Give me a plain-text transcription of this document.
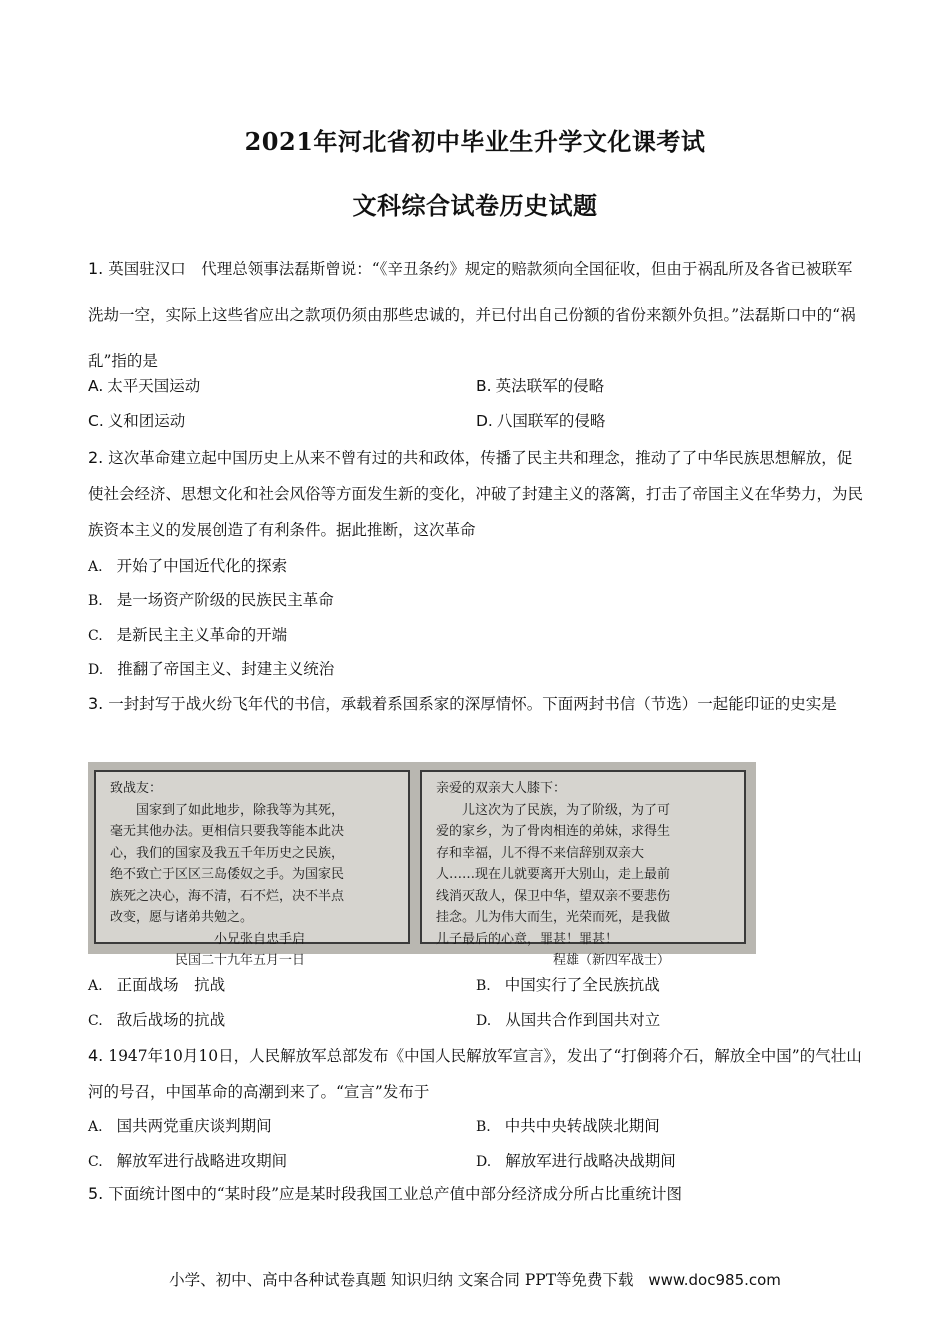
2021年河北省初中毕业生升学文化课考试
文科综合试卷历史试题
1. 英国驻汉口　代理总领事法磊斯曾说：“《辛丑条约》规定的赔款须向全国征收，但由于祸乱所及各省已被联军洗劫一空，实际上这些省应出之款项仍须由那些忠诚的，并已付出自己份额的省份来额外负担。”法磊斯口中的“祸乱”指的是
A. 太平天国运动	B. 英法联军的侵略
C. 义和团运动	D. 八国联军的侵略
2. 这次革命建立起中国历史上从来不曾有过的共和政体，传播了民主共和理念，推动了了中华民族思想解放，促使社会经济、思想文化和社会风俗等方面发生新的变化，冲破了封建主义的落篱，打击了帝国主义在华势力，为民族资本主义的发展创造了有利条件。据此推断，这次革命
A. 开始了中国近代化的探索
B. 是一场资产阶级的民族民主革命
C. 是新民主主义革命的开端
D. 推翻了帝国主义、封建主义统治
3. 一封封写于战火纷飞年代的书信，承载着系国系家的深厚情怀。下面两封书信（节选）一起能印证的史实是
致战友：
　　国家到了如此地步，除我等为其死，
毫无其他办法。更相信只要我等能本此决
心，我们的国家及我五千年历史之民族，
绝不致亡于区区三岛倭奴之手。为国家民
族死之决心，海不清，石不烂，决不半点
改变，愿与诸弟共勉之。
　　　　　　　　小兄张自忠手启
　　　　　民国二十九年五月一日
亲爱的双亲大人膝下：
　　儿这次为了民族，为了阶级，为了可
爱的家乡，为了骨肉相连的弟妹，求得生
存和幸福，儿不得不来信辞别双亲大
人……现在儿就要离开大别山，走上最前
线消灭敌人，保卫中华，望双亲不要悲伤
挂念。儿为伟大而生，光荣而死，是我做
儿子最后的心意，罪甚！罪甚！
　　　　　　　　　程雄（新四军战士）
A. 正面战场　抗战	B. 中国实行了全民族抗战
C. 敌后战场的抗战	D. 从国共合作到国共对立
4. 1947年10月10日，人民解放军总部发布《中国人民解放军宣言》，发出了“打倒蒋介石，解放全中国”的气壮山河的号召，中国革命的高潮到来了。“宣言”发布于
A. 国共两党重庆谈判期间	B. 中共中央转战陕北期间
C. 解放军进行战略进攻期间	D. 解放军进行战略决战期间
5. 下面统计图中的“某时段”应是某时段我国工业总产值中部分经济成分所占比重统计图
小学、初中、高中各种试卷真题 知识归纳 文案合同 PPT等免费下载 www.doc985.com
